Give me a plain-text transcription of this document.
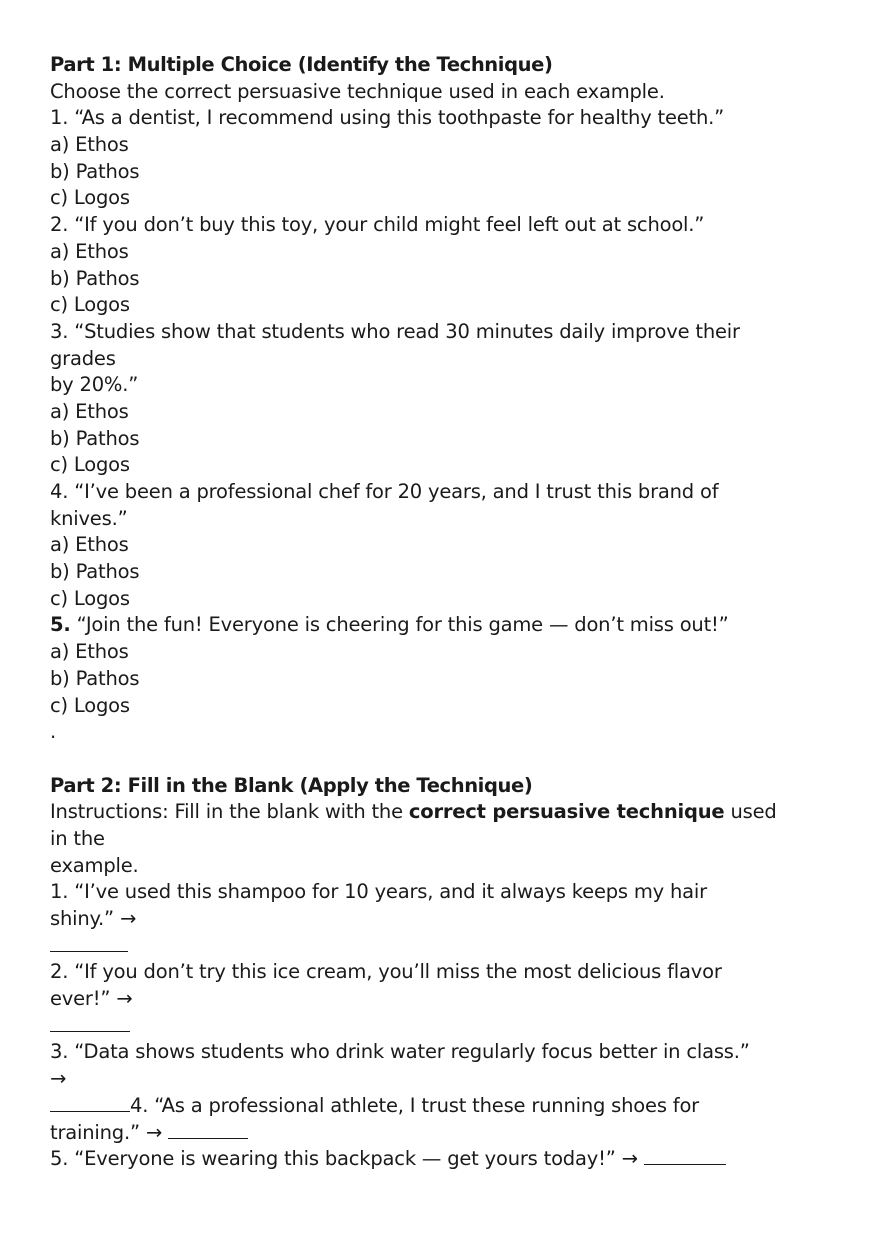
Part 1: Multiple Choice (Identify the Technique)
Choose the correct persuasive technique used in each example.
1. “As a dentist, I recommend using this toothpaste for healthy teeth.”
a) Ethos
b) Pathos
c) Logos
2. “If you don’t buy this toy, your child might feel left out at school.”
a) Ethos
b) Pathos
c) Logos
3. “Studies show that students who read 30 minutes daily improve their
grades
by 20%.”
a) Ethos
b) Pathos
c) Logos
4. “I’ve been a professional chef for 20 years, and I trust this brand of
knives.”
a) Ethos
b) Pathos
c) Logos
5. “Join the fun! Everyone is cheering for this game — don’t miss out!”
a) Ethos
b) Pathos
c) Logos
.
Part 2: Fill in the Blank (Apply the Technique)
Instructions: Fill in the blank with the correct persuasive technique used
in the
example.
1. “I’ve used this shampoo for 10 years, and it always keeps my hair
shiny.” →
2. “If you don’t try this ice cream, you’ll miss the most delicious flavor
ever!” →
3. “Data shows students who drink water regularly focus better in class.”
→
4. “As a professional athlete, I trust these running shoes for
training.” →
5. “Everyone is wearing this backpack — get yours today!” →
